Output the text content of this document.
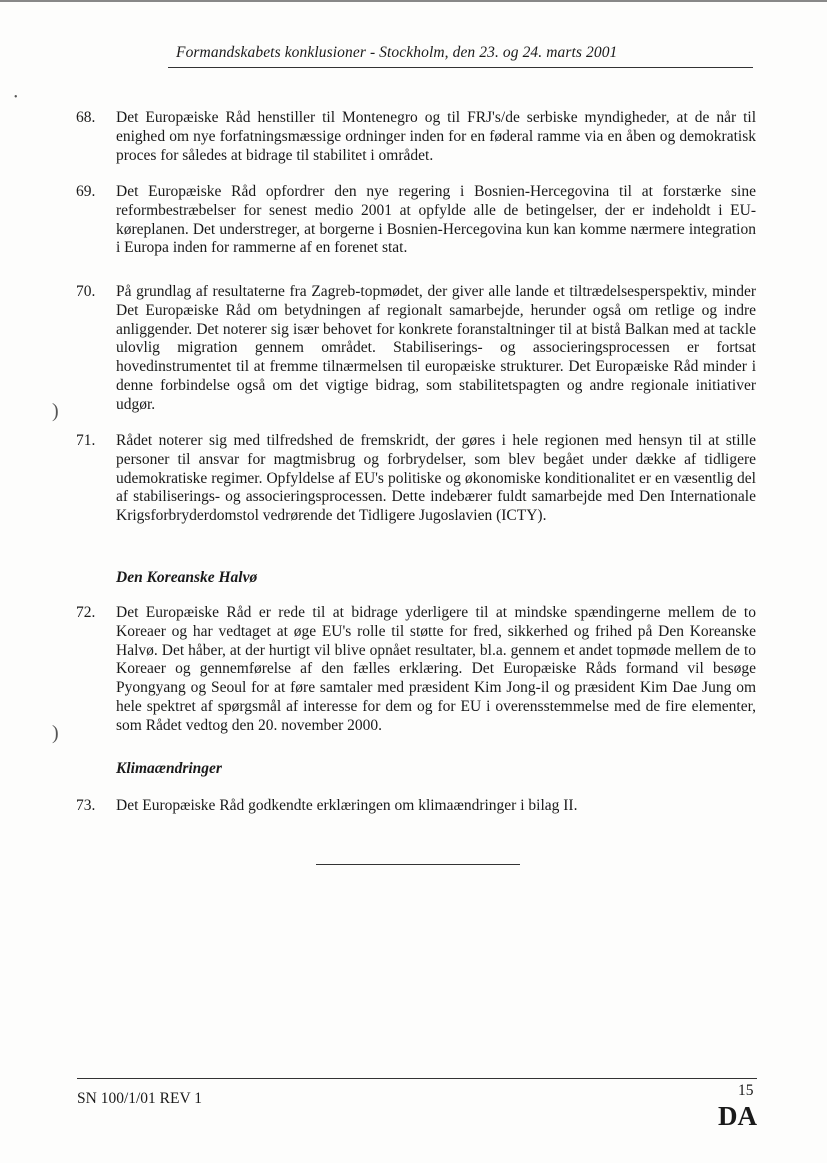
Formandskabets konklusioner - Stockholm, den 23. og 24. marts 2001
•
)
)
68. Det Europæiske Råd henstiller til Montenegro og til FRJ's/de serbiske myndigheder, at de når til enighed om nye forfatningsmæssige ordninger inden for en føderal ramme via en åben og demokratisk proces for således at bidrage til stabilitet i området.
69. Det Europæiske Råd opfordrer den nye regering i Bosnien-Hercegovina til at forstærke sine reformbestræbelser for senest medio 2001 at opfylde alle de betingelser, der er indeholdt i EU-køreplanen. Det understreger, at borgerne i Bosnien-Hercegovina kun kan komme nærmere integration i Europa inden for rammerne af en forenet stat.
70. På grundlag af resultaterne fra Zagreb-topmødet, der giver alle lande et tiltrædelsesperspektiv, minder Det Europæiske Råd om betydningen af regionalt samarbejde, herunder også om retlige og indre anliggender. Det noterer sig især behovet for konkrete foranstaltninger til at bistå Balkan med at tackle ulovlig migration gennem området. Stabiliserings- og associeringsprocessen er fortsat hovedinstrumentet til at fremme tilnærmelsen til europæiske strukturer. Det Europæiske Råd minder i denne forbindelse også om det vigtige bidrag, som stabilitetspagten og andre regionale initiativer udgør.
71. Rådet noterer sig med tilfredshed de fremskridt, der gøres i hele regionen med hensyn til at stille personer til ansvar for magtmisbrug og forbrydelser, som blev begået under dække af tidligere udemokratiske regimer. Opfyldelse af EU's politiske og økonomiske konditionalitet er en væsentlig del af stabiliserings- og associeringsprocessen. Dette indebærer fuldt samarbejde med Den Internationale Krigsforbryderdomstol vedrørende det Tidligere Jugoslavien (ICTY).
Den Koreanske Halvø
72. Det Europæiske Råd er rede til at bidrage yderligere til at mindske spændingerne mellem de to Koreaer og har vedtaget at øge EU's rolle til støtte for fred, sikkerhed og frihed på Den Koreanske Halvø. Det håber, at der hurtigt vil blive opnået resultater, bl.a. gennem et andet topmøde mellem de to Koreaer og gennemførelse af den fælles erklæring. Det Europæiske Råds formand vil besøge Pyongyang og Seoul for at føre samtaler med præsident Kim Jong-il og præsident Kim Dae Jung om hele spektret af spørgsmål af interesse for dem og for EU i overensstemmelse med de fire elementer, som Rådet vedtog den 20. november 2000.
Klimaændringer
73. Det Europæiske Råd godkendte erklæringen om klimaændringer i bilag II.
SN 100/1/01 REV 1	15
DA
